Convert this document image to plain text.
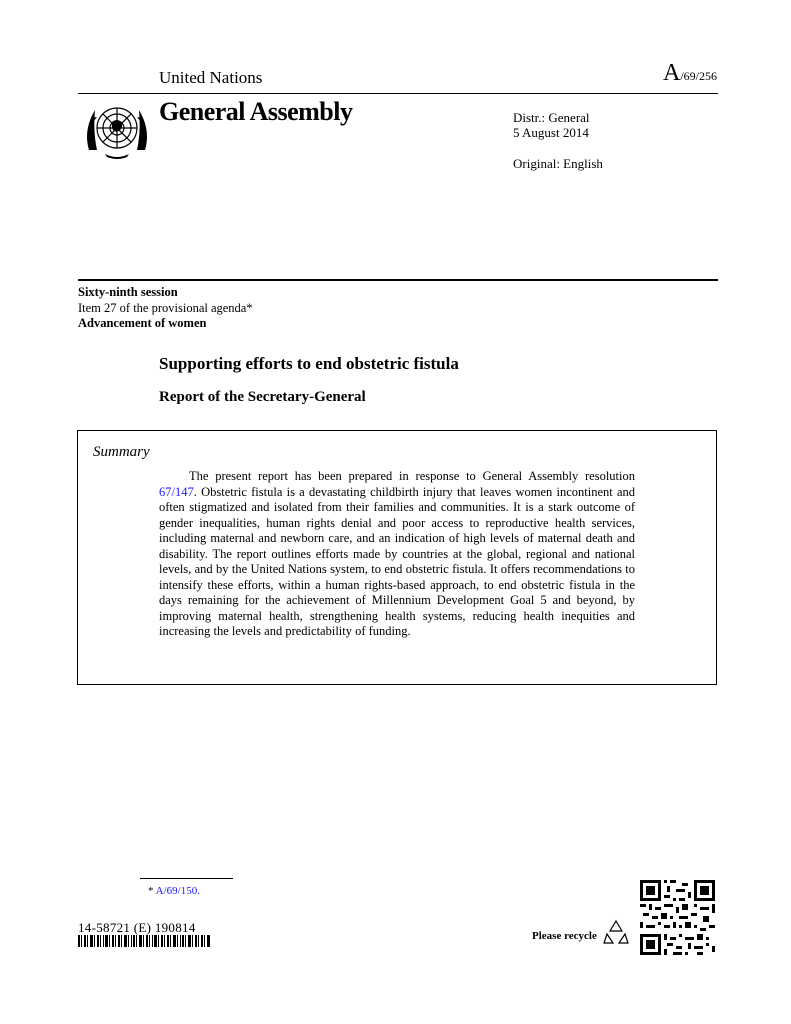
United Nations	A/69/256
General Assembly	Distr.: General
5 August 2014
Original: English
Sixty-ninth session
Item 27 of the provisional agenda*
Advancement of women
Supporting efforts to end obstetric fistula
Report of the Secretary-General
Summary
The present report has been prepared in response to General Assembly resolution 67/147. Obstetric fistula is a devastating childbirth injury that leaves women incontinent and often stigmatized and isolated from their families and communities. It is a stark outcome of gender inequalities, human rights denial and poor access to reproductive health services, including maternal and newborn care, and an indication of high levels of maternal death and disability. The report outlines efforts made by countries at the global, regional and national levels, and by the United Nations system, to end obstetric fistula. It offers recommendations to intensify these efforts, within a human rights-based approach, to end obstetric fistula in the days remaining for the achievement of Millennium Development Goal 5 and beyond, by improving maternal health, strengthening health systems, reducing health inequities and increasing the levels and predictability of funding.
* A/69/150.
14-58721 (E) 190814
Please recycle
